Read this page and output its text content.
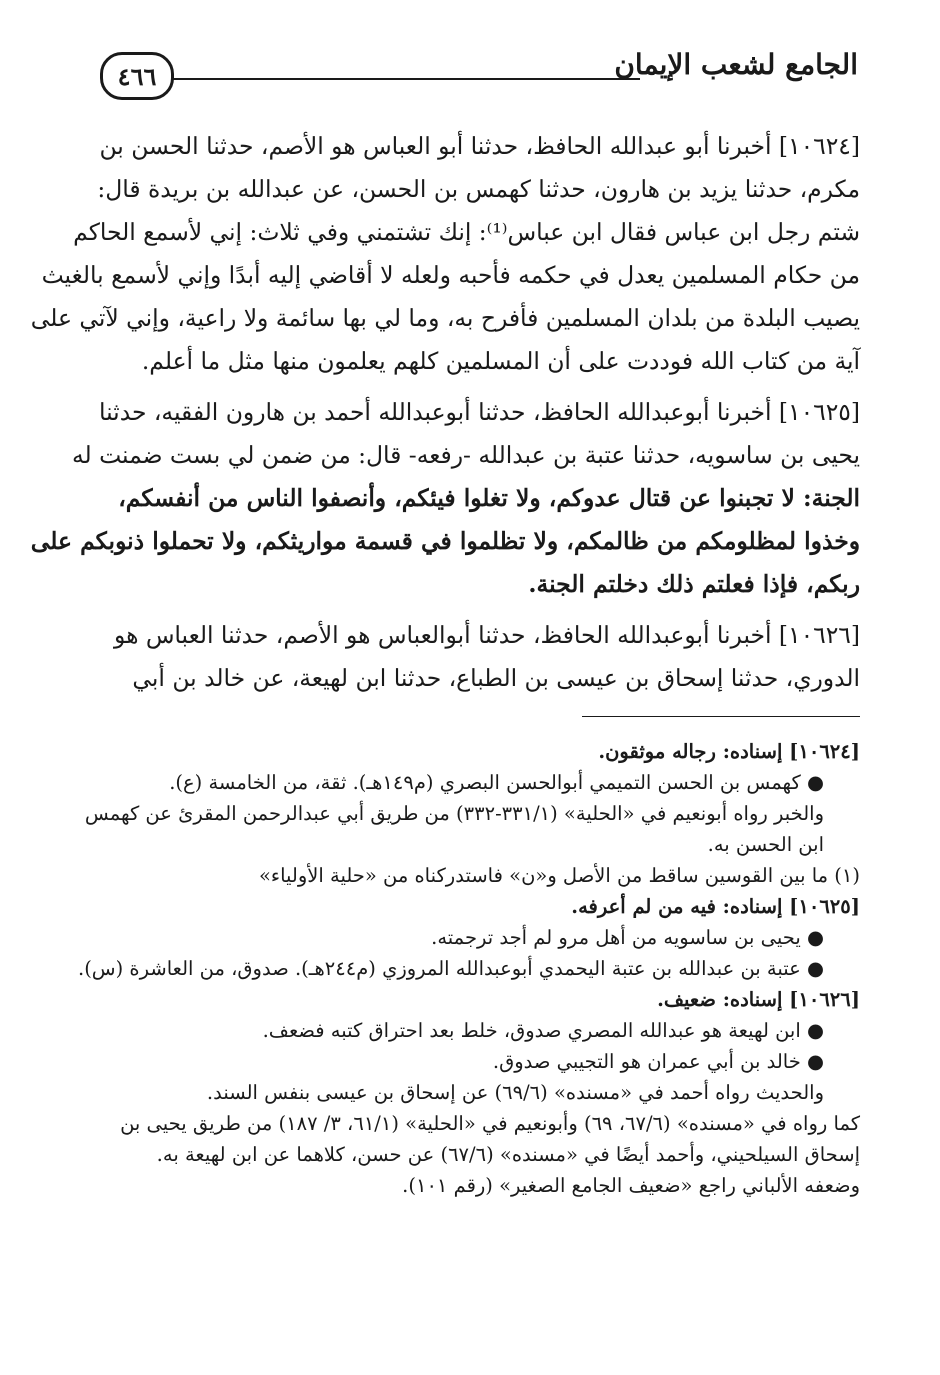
الجامع لشعب الإيمان
٤٦٦

[١٠٦٢٤] أخبرنا أبو عبدالله الحافظ، حدثنا أبو العباس هو الأصم، حدثنا الحسن بن
مكرم، حدثنا يزيد بن هارون، حدثنا كهمس بن الحسن، عن عبدالله بن بريدة قال:
شتم رجل ابن عباس فقال ابن عباس⁽¹⁾: إنك تشتمني وفي ثلاث: إني لأسمع الحاكم
من حكام المسلمين يعدل في حكمه فأحبه ولعله لا أقاضي إليه أبدًا وإني لأسمع بالغيث
يصيب البلدة من بلدان المسلمين فأفرح به، وما لي بها سائمة ولا راعية، وإني لآتي على
آية من كتاب الله فوددت على أن المسلمين كلهم يعلمون منها مثل ما أعلم.

[١٠٦٢٥] أخبرنا أبوعبدالله الحافظ، حدثنا أبوعبدالله أحمد بن هارون الفقيه، حدثنا
يحيى بن ساسويه، حدثنا عتبة بن عبدالله -رفعه- قال: من ضمن لي بست ضمنت له
الجنة: لا تجبنوا عن قتال عدوكم، ولا تغلوا فيئكم، وأنصفوا الناس من أنفسكم،
وخذوا لمظلومكم من ظالمكم، ولا تظلموا في قسمة مواريثكم، ولا تحملوا ذنوبكم على
ربكم، فإذا فعلتم ذلك دخلتم الجنة.

[١٠٦٢٦] أخبرنا أبوعبدالله الحافظ، حدثنا أبوالعباس هو الأصم، حدثنا العباس هو
الدوري، حدثنا إسحاق بن عيسى بن الطباع، حدثنا ابن لهيعة، عن خالد بن أبي

[١٠٦٢٤] إسناده: رجاله موثقون.
● كهمس بن الحسن التميمي أبوالحسن البصري (م١٤٩هـ). ثقة، من الخامسة (ع).
والخبر رواه أبونعيم في «الحلية» (٣٣١/١-٣٣٢) من طريق أبي عبدالرحمن المقرئ عن كهمس
ابن الحسن به.
(١) ما بين القوسين ساقط من الأصل و«ن» فاستدركناه من «حلية الأولياء»
[١٠٦٢٥] إسناده: فيه من لم أعرفه.
● يحيى بن ساسويه من أهل مرو لم أجد ترجمته.
● عتبة بن عبدالله بن عتبة اليحمدي أبوعبدالله المروزي (م٢٤٤هـ). صدوق، من العاشرة (س).
[١٠٦٢٦] إسناده: ضعيف.
● ابن لهيعة هو عبدالله المصري صدوق، خلط بعد احتراق كتبه فضعف.
● خالد بن أبي عمران هو التجيبي صدوق.
والحديث رواه أحمد في «مسنده» (٦٩/٦) عن إسحاق بن عيسى بنفس السند.
كما رواه في «مسنده» (٦٧/٦، ٦٩) وأبونعيم في «الحلية» (٦١/١، ٣/ ١٨٧) من طريق يحيى بن
إسحاق السيلحيني، وأحمد أيضًا في «مسنده» (٦٧/٦) عن حسن، كلاهما عن ابن لهيعة به.
وضعفه الألباني راجع «ضعيف الجامع الصغير» (رقم ١٠١).
